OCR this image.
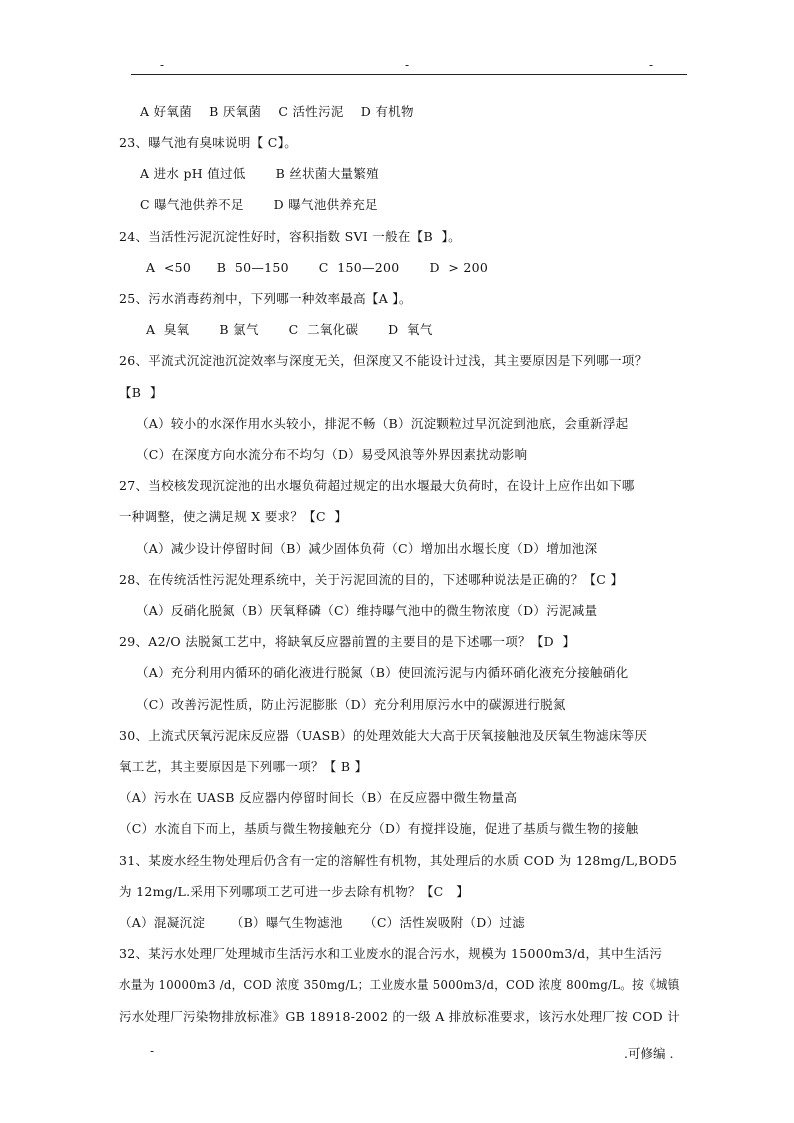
-	-	-
A 好氧菌    B 厌氧菌    C 活性污泥    D 有机物
23、曝气池有臭味说明【 C】。
A 进水 pH 值过低       B 丝状菌大量繁殖
C 曝气池供养不足       D 曝气池供养充足
24、当活性污泥沉淀性好时，容积指数 SVI 一般在【B  】。
A  <50      B  50—150       C  150—200       D  > 200
25、污水消毒药剂中，下列哪一种效率最高【A 】。
A  臭氧       B 氯气       C  二氧化碳       D  氧气
26、平流式沉淀池沉淀效率与深度无关，但深度又不能设计过浅，其主要原因是下列哪一项？
【B  】
（A）较小的水深作用水头较小，排泥不畅（B）沉淀颗粒过早沉淀到池底，会重新浮起
（C）在深度方向水流分布不均匀（D）易受风浪等外界因素扰动影响
27、当校核发现沉淀池的出水堰负荷超过规定的出水堰最大负荷时，在设计上应作出如下哪
一种调整，使之满足规 X 要求？【C  】
（A）减少设计停留时间（B）减少固体负荷（C）增加出水堰长度（D）增加池深
28、在传统活性污泥处理系统中，关于污泥回流的目的，下述哪种说法是正确的？【C 】
（A）反硝化脱氮（B）厌氧释磷（C）维持曝气池中的微生物浓度（D）污泥减量
29、A2/O 法脱氮工艺中，将缺氧反应器前置的主要目的是下述哪一项？【D  】
（A）充分利用内循环的硝化液进行脱氮（B）使回流污泥与内循环硝化液充分接触硝化
（C）改善污泥性质，防止污泥膨胀（D）充分利用原污水中的碳源进行脱氮
30、上流式厌氧污泥床反应器（UASB）的处理效能大大高于厌氧接触池及厌氧生物滤床等厌
氧工艺，其主要原因是下列哪一项？【 B 】
（A）污水在 UASB 反应器内停留时间长（B）在反应器中微生物量高
（C）水流自下而上，基质与微生物接触充分（D）有搅拌设施，促进了基质与微生物的接触
31、某废水经生物处理后仍含有一定的溶解性有机物，其处理后的水质 COD 为 128mg/L,BOD5
为 12mg/L.采用下列哪项工艺可进一步去除有机物？【C   】
（A）混凝沉淀      （B）曝气生物滤池     （C）活性炭吸附（D）过滤
32、某污水处理厂处理城市生活污水和工业废水的混合污水，规模为 15000m3/d，其中生活污
水量为 10000m3 /d，COD 浓度 350mg/L；工业废水量 5000m3/d，COD 浓度 800mg/L。按《城镇
污水处理厂污染物排放标准》GB 18918-2002 的一级 A 排放标准要求，该污水处理厂按 COD 计
-	.可修编 .
